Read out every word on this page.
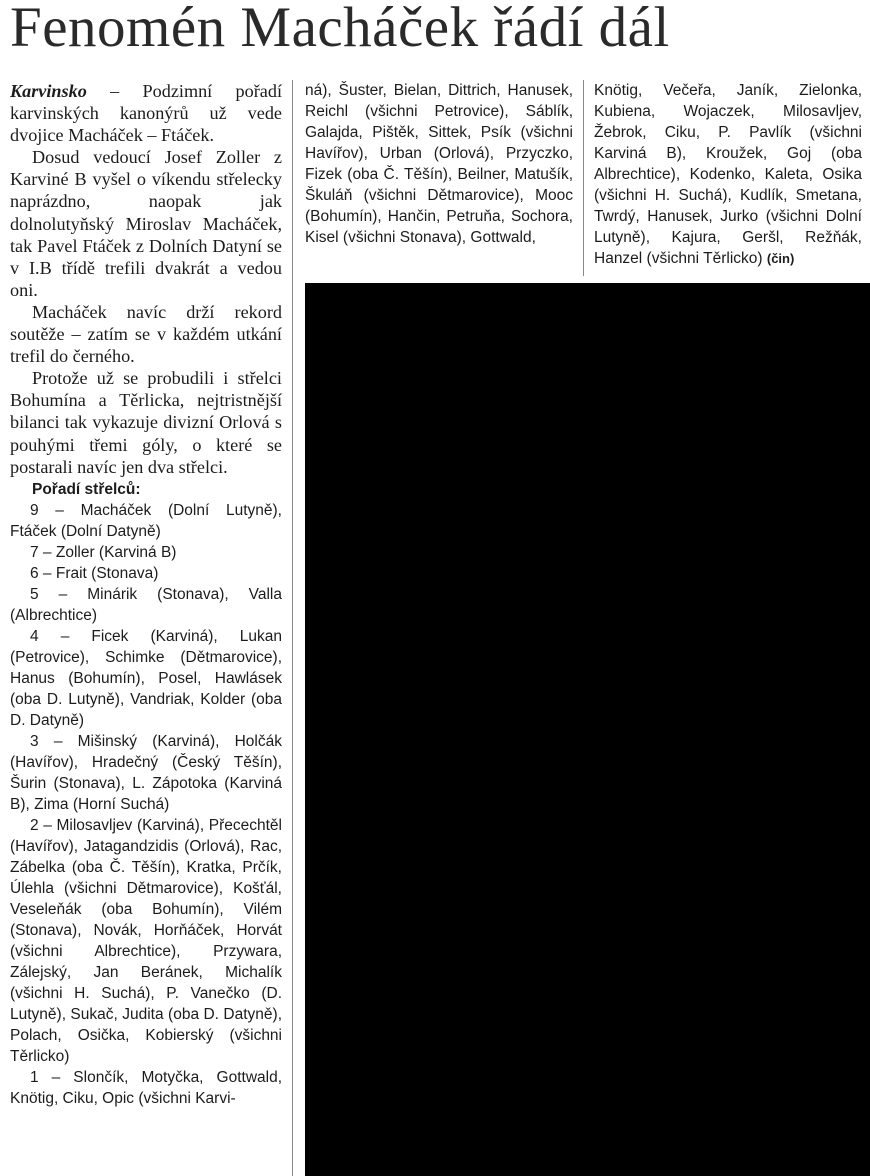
Fenomén Macháček řádí dál

Karvinsko – Podzimní pořadí karvinských kanonýrů už vede dvojice Macháček – Ftáček.

Dosud vedoucí Josef Zoller z Karviné B vyšel o víkendu střelecky naprázdno, naopak jak dolnolutyňský Miroslav Macháček, tak Pavel Ftáček z Dolních Datyní se v I.B třídě trefili dvakrát a vedou oni.

Macháček navíc drží rekord soutěže – zatím se v každém utkání trefil do černého.

Protože už se probudili i střelci Bohumína a Těrlicka, nejtristnější bilanci tak vykazuje divizní Orlová s pouhými třemi góly, o které se postarali navíc jen dva střelci.

Pořadí střelců:

9 – Macháček (Dolní Lutyně), Ftáček (Dolní Datyně)

7 – Zoller (Karviná B)

6 – Frait (Stonava)

5 – Minárik (Stonava), Valla (Albrechtice)

4 – Ficek (Karviná), Lukan (Petrovice), Schimke (Dětmarovice), Hanus (Bohumín), Posel, Hawlásek (oba D. Lutyně), Vandriak, Kolder (oba D. Datyně)

3 – Mišinský (Karviná), Holčák (Havířov), Hradečný (Český Těšín), Šurin (Stonava), L. Zápotoka (Karviná B), Zima (Horní Suchá)

2 – Milosavljev (Karviná), Přecechtěl (Havířov), Jatagandzidis (Orlová), Rac, Zábelka (oba Č. Těšín), Kratka, Prčík, Úlehla (všichni Dětmarovice), Košťál, Veseleňák (oba Bohumín), Vilém (Stonava), Novák, Horňáček, Horvát (všichni Albrechtice), Przywara, Zálejský, Jan Beránek, Michalík (všichni H. Suchá), P. Vanečko (D. Lutyně), Sukač, Judita (oba D. Datyně), Polach, Osička, Kobierský (všichni Těrlicko)

1 – Slončík, Motyčka, Gottwald, Knötig, Ciku, Opic (všichni Karvi-

ná), Šuster, Bielan, Dittrich, Hanusek, Reichl (všichni Petrovice), Sáblík, Galajda, Pištěk, Sittek, Psík (všichni Havířov), Urban (Orlová), Przyczko, Fizek (oba Č. Těšín), Beilner, Matušík, Škuláň (všichni Dětmarovice), Mooc (Bohumín), Hančin, Petruňa, Sochora, Kisel (všichni Stonava), Gottwald,

Knötig, Večeřa, Janík, Zielonka, Kubiena, Wojaczek, Milosavljev, Žebrok, Ciku, P. Pavlík (všichni Karviná B), Kroužek, Goj (oba Albrechtice), Kodenko, Kaleta, Osika (všichni H. Suchá), Kudlík, Smetana, Twrdý, Hanusek, Jurko (všichni Dolní Lutyně), Kajura, Geršl, Režňák, Hanzel (všichni Těrlicko) (čin)
